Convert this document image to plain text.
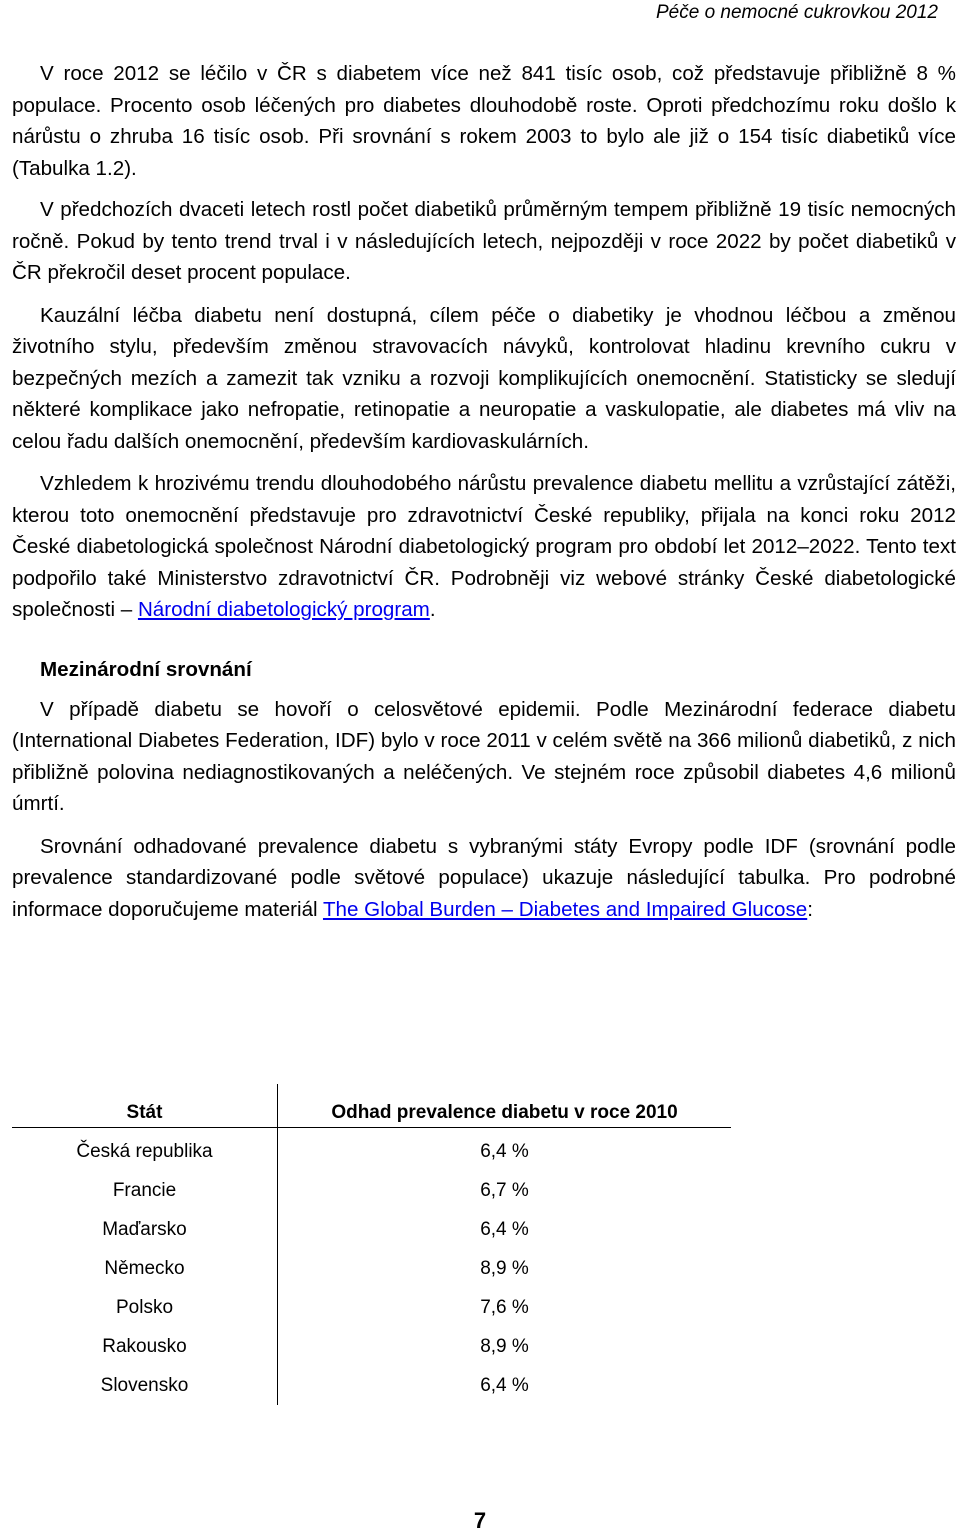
Péče o nemocné cukrovkou 2012

V roce 2012 se léčilo v ČR s diabetem více než 841 tisíc osob, což představuje přibližně 8 % populace. Procento osob léčených pro diabetes dlouhodobě roste. Oproti předchozímu roku došlo k nárůstu o zhruba 16 tisíc osob. Při srovnání s rokem 2003 to bylo ale již o 154 tisíc diabetiků více (Tabulka 1.2).

V předchozích dvaceti letech rostl počet diabetiků průměrným tempem přibližně 19 tisíc nemocných ročně. Pokud by tento trend trval i v následujících letech, nejpozději v roce 2022 by počet diabetiků v ČR překročil deset procent populace.

Kauzální léčba diabetu není dostupná, cílem péče o diabetiky je vhodnou léčbou a změnou životního stylu, především změnou stravovacích návyků, kontrolovat hladinu krevního cukru v bezpečných mezích a zamezit tak vzniku a rozvoji komplikujících onemocnění. Statisticky se sledují některé komplikace jako nefropatie, retinopatie a neuropatie a vaskulopatie, ale diabetes má vliv na celou řadu dalších onemocnění, především kardiovaskulárních.

Vzhledem k hrozivému trendu dlouhodobého nárůstu prevalence diabetu mellitu a vzrůstající zátěži, kterou toto onemocnění představuje pro zdravotnictví České republiky, přijala na konci roku 2012 České diabetologická společnost Národní diabetologický program pro období let 2012–2022. Tento text podpořilo také Ministerstvo zdravotnictví ČR. Podrobněji viz webové stránky České diabetologické společnosti – Národní diabetologický program.

Mezinárodní srovnání

V případě diabetu se hovoří o celosvětové epidemii. Podle Mezinárodní federace diabetu (International Diabetes Federation, IDF) bylo v roce 2011 v celém světě na 366 milionů diabetiků, z nich přibližně polovina nediagnostikovaných a neléčených. Ve stejném roce způsobil diabetes 4,6 milionů úmrtí.

Srovnání odhadované prevalence diabetu s vybranými státy Evropy podle IDF (srovnání podle prevalence standardizované podle světové populace) ukazuje následující tabulka. Pro podrobné informace doporučujeme materiál The Global Burden – Diabetes and Impaired Glucose:

Stát	Odhad prevalence diabetu v roce 2010
Česká republika	6,4 %
Francie	6,7 %
Maďarsko	6,4 %
Německo	8,9 %
Polsko	7,6 %
Rakousko	8,9 %
Slovensko	6,4 %
7
